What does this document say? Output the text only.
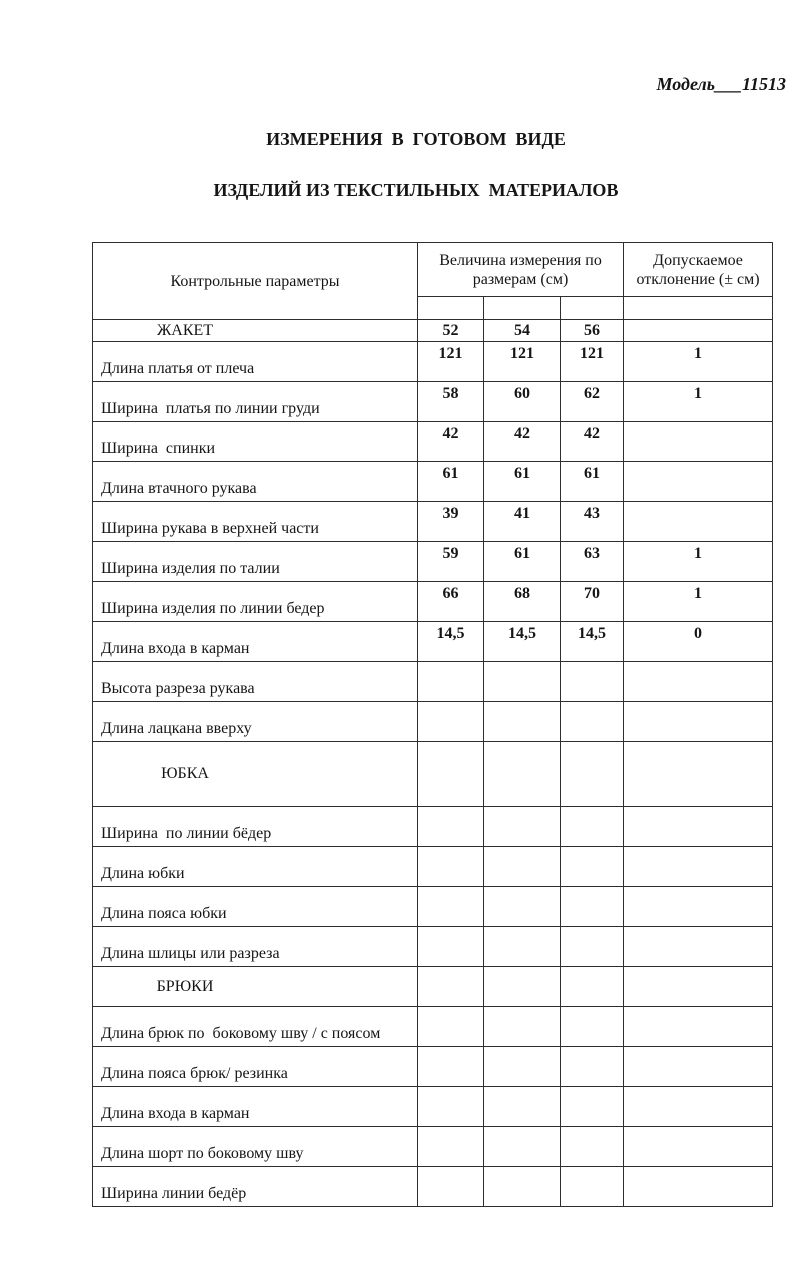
Модель___11513

ИЗМЕРЕНИЯ  В  ГОТОВОМ  ВИДЕ

ИЗДЕЛИЙ ИЗ ТЕКСТИЛЬНЫХ  МАТЕРИАЛОВ

Контрольные параметры	Величина измерения по размерам (см)			Допускаемое отклонение (± см)

ЖАКЕТ	52	54	56	
Длина платья от плеча	121	121	121	1
Ширина  платья по линии груди	58	60	62	1
Ширина  спинки	42	42	42	
Длина втачного рукава	61	61	61	
Ширина рукава в верхней части	39	41	43	
Ширина изделия по талии	59	61	63	1
Ширина изделия по линии бедер	66	68	70	1
Длина входа в карман	14,5	14,5	14,5	0
Высота разреза рукава				
Длина лацкана вверху				
ЮБКА				
Ширина  по линии бёдер				
Длина юбки				
Длина пояса юбки				
Длина шлицы или разреза				
БРЮКИ				
Длина брюк по  боковому шву / с поясом				
Длина пояса брюк/ резинка				
Длина входа в карман				
Длина шорт по боковому шву				
Ширина линии бедёр				
